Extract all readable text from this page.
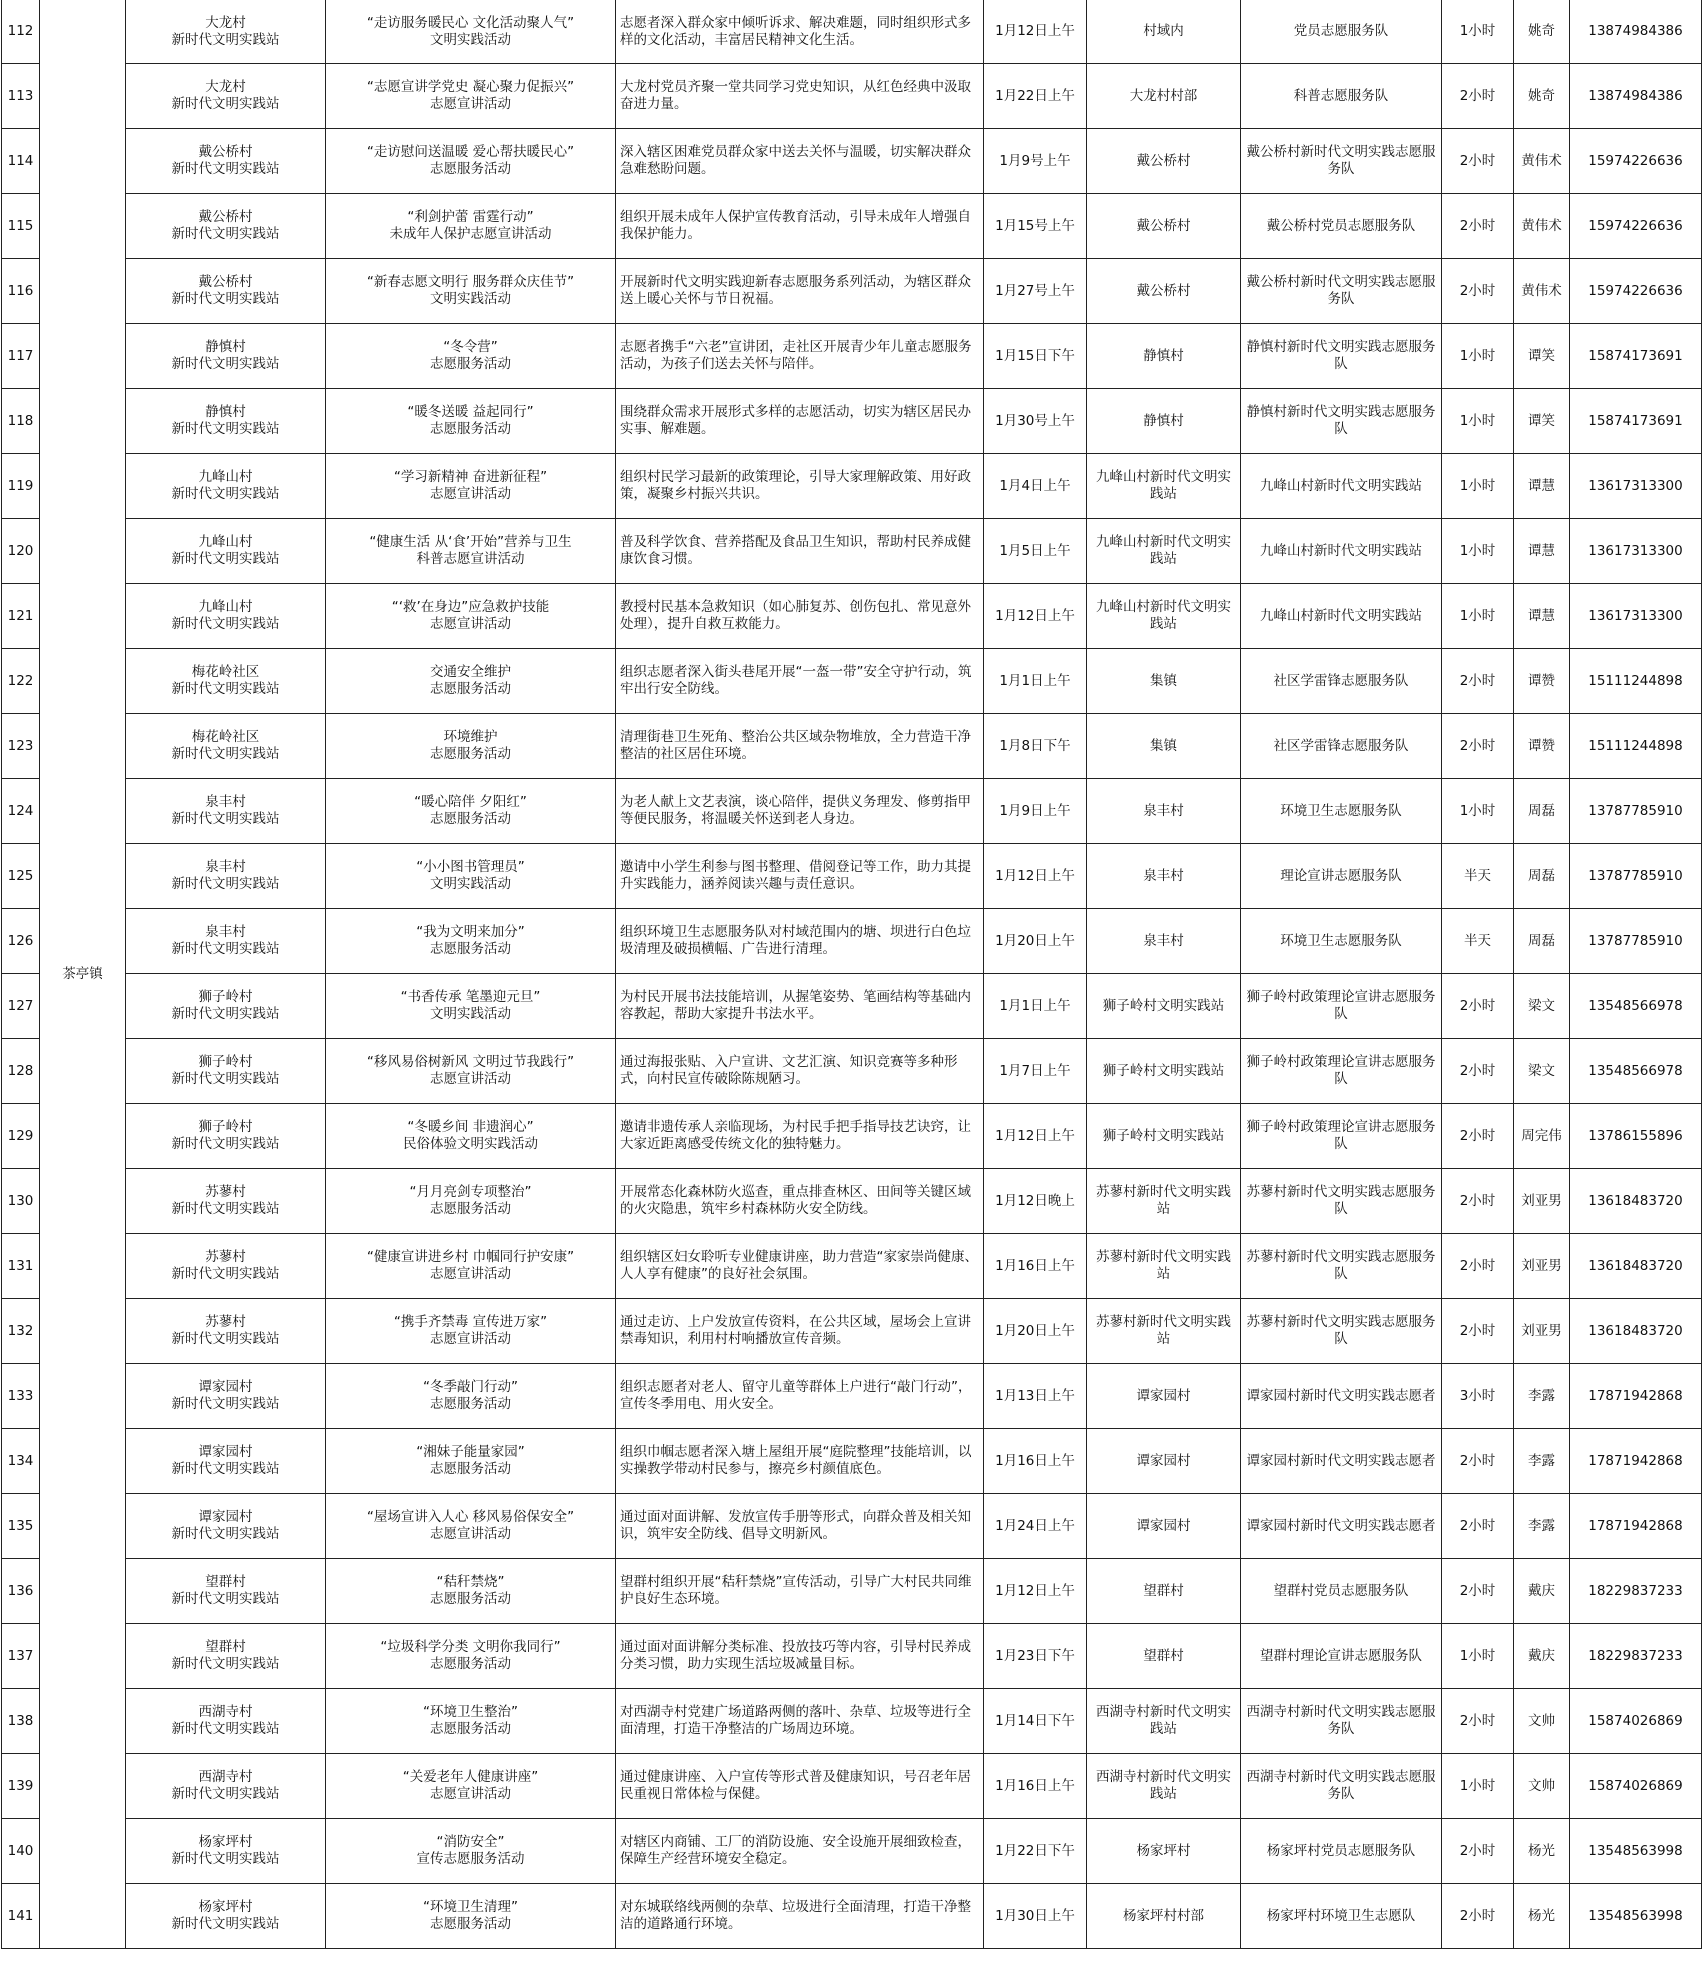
112	茶亭镇	大龙村
新时代文明实践站	“走访服务暖民心 文化活动聚人气”
文明实践活动	志愿者深入群众家中倾听诉求、解决难题，同时组织形式多样的文化活动，丰富居民精神文化生活。	1月12日上午	村域内	党员志愿服务队	1小时	姚奇	13874984386
113		大龙村
新时代文明实践站	“志愿宣讲学党史 凝心聚力促振兴”
志愿宣讲活动	大龙村党员齐聚一堂共同学习党史知识，从红色经典中汲取奋进力量。	1月22日上午	大龙村村部	科普志愿服务队	2小时	姚奇	13874984386
114		戴公桥村
新时代文明实践站	“走访慰问送温暖 爱心帮扶暖民心”
志愿服务活动	深入辖区困难党员群众家中送去关怀与温暖，切实解决群众急难愁盼问题。	1月9号上午	戴公桥村	戴公桥村新时代文明实践志愿服务队	2小时	黄伟术	15974226636
115		戴公桥村
新时代文明实践站	“利剑护蕾 雷霆行动”
未成年人保护志愿宣讲活动	组织开展未成年人保护宣传教育活动，引导未成年人增强自我保护能力。	1月15号上午	戴公桥村	戴公桥村党员志愿服务队	2小时	黄伟术	15974226636
116		戴公桥村
新时代文明实践站	“新春志愿文明行 服务群众庆佳节”
文明实践活动	开展新时代文明实践迎新春志愿服务系列活动，为辖区群众送上暖心关怀与节日祝福。	1月27号上午	戴公桥村	戴公桥村新时代文明实践志愿服务队	2小时	黄伟术	15974226636
117		静慎村
新时代文明实践站	“冬令营”
志愿服务活动	志愿者携手“六老”宣讲团，走社区开展青少年儿童志愿服务活动，为孩子们送去关怀与陪伴。	1月15日下午	静慎村	静慎村新时代文明实践志愿服务队	1小时	谭笑	15874173691
118		静慎村
新时代文明实践站	“暖冬送暖 益起同行”
志愿服务活动	围绕群众需求开展形式多样的志愿活动，切实为辖区居民办实事、解难题。	1月30号上午	静慎村	静慎村新时代文明实践志愿服务队	1小时	谭笑	15874173691
119		九峰山村
新时代文明实践站	“学习新精神 奋进新征程”
志愿宣讲活动	组织村民学习最新的政策理论，引导大家理解政策、用好政策，凝聚乡村振兴共识。	1月4日上午	九峰山村新时代文明实践站	九峰山村新时代文明实践站	1小时	谭慧	13617313300
120		九峰山村
新时代文明实践站	“健康生活 从‘食’开始”营养与卫生
科普志愿宣讲活动	普及科学饮食、营养搭配及食品卫生知识，帮助村民养成健康饮食习惯。	1月5日上午	九峰山村新时代文明实践站	九峰山村新时代文明实践站	1小时	谭慧	13617313300
121		九峰山村
新时代文明实践站	“‘救’在身边”应急救护技能
志愿宣讲活动	教授村民基本急救知识（如心肺复苏、创伤包扎、常见意外处理），提升自救互救能力。	1月12日上午	九峰山村新时代文明实践站	九峰山村新时代文明实践站	1小时	谭慧	13617313300
122		梅花岭社区
新时代文明实践站	交通安全维护
志愿服务活动	组织志愿者深入街头巷尾开展“一盔一带”安全守护行动，筑牢出行安全防线。	1月1日上午	集镇	社区学雷锋志愿服务队	2小时	谭赞	15111244898
123		梅花岭社区
新时代文明实践站	环境维护
志愿服务活动	清理街巷卫生死角、整治公共区域杂物堆放，全力营造干净整洁的社区居住环境。	1月8日下午	集镇	社区学雷锋志愿服务队	2小时	谭赞	15111244898
124		泉丰村
新时代文明实践站	“暖心陪伴 夕阳红”
志愿服务活动	为老人献上文艺表演，谈心陪伴，提供义务理发、修剪指甲等便民服务，将温暖关怀送到老人身边。	1月9日上午	泉丰村	环境卫生志愿服务队	1小时	周磊	13787785910
125		泉丰村
新时代文明实践站	“小小图书管理员”
文明实践活动	邀请中小学生利参与图书整理、借阅登记等工作，助力其提升实践能力，涵养阅读兴趣与责任意识。	1月12日上午	泉丰村	理论宣讲志愿服务队	半天	周磊	13787785910
126		泉丰村
新时代文明实践站	“我为文明来加分”
志愿服务活动	组织环境卫生志愿服务队对村域范围内的塘、坝进行白色垃圾清理及破损横幅、广告进行清理。	1月20日上午	泉丰村	环境卫生志愿服务队	半天	周磊	13787785910
127		狮子岭村
新时代文明实践站	“书香传承 笔墨迎元旦”
文明实践活动	为村民开展书法技能培训，从握笔姿势、笔画结构等基础内容教起，帮助大家提升书法水平。	1月1日上午	狮子岭村文明实践站	狮子岭村政策理论宣讲志愿服务队	2小时	梁文	13548566978
128		狮子岭村
新时代文明实践站	“移风易俗树新风 文明过节我践行”
志愿宣讲活动	通过海报张贴、入户宣讲、文艺汇演、知识竞赛等多种形式，向村民宣传破除陈规陋习。	1月7日上午	狮子岭村文明实践站	狮子岭村政策理论宣讲志愿服务队	2小时	梁文	13548566978
129		狮子岭村
新时代文明实践站	“冬暖乡间 非遗润心”
民俗体验文明实践活动	邀请非遗传承人亲临现场，为村民手把手指导技艺诀窍，让大家近距离感受传统文化的独特魅力。	1月12日上午	狮子岭村文明实践站	狮子岭村政策理论宣讲志愿服务队	2小时	周完伟	13786155896
130		苏蓼村
新时代文明实践站	“月月亮剑专项整治”
志愿服务活动	开展常态化森林防火巡查，重点排查林区、田间等关键区域的火灾隐患，筑牢乡村森林防火安全防线。	1月12日晚上	苏蓼村新时代文明实践站	苏蓼村新时代文明实践志愿服务队	2小时	刘亚男	13618483720
131		苏蓼村
新时代文明实践站	“健康宣讲进乡村 巾帼同行护安康”
志愿宣讲活动	组织辖区妇女聆听专业健康讲座，助力营造“家家崇尚健康、人人享有健康”的良好社会氛围。	1月16日上午	苏蓼村新时代文明实践站	苏蓼村新时代文明实践志愿服务队	2小时	刘亚男	13618483720
132		苏蓼村
新时代文明实践站	“携手齐禁毒 宣传进万家”
志愿宣讲活动	通过走访、上户发放宣传资料，在公共区域，屋场会上宣讲禁毒知识，利用村村响播放宣传音频。	1月20日上午	苏蓼村新时代文明实践站	苏蓼村新时代文明实践志愿服务队	2小时	刘亚男	13618483720
133		谭家园村
新时代文明实践站	“冬季敲门行动”
志愿服务活动	组织志愿者对老人、留守儿童等群体上户进行“敲门行动”，宣传冬季用电、用火安全。	1月13日上午	谭家园村	谭家园村新时代文明实践志愿者	3小时	李露	17871942868
134		谭家园村
新时代文明实践站	“湘妹子能量家园”
志愿服务活动	组织巾帼志愿者深入塘上屋组开展“庭院整理”技能培训，以实操教学带动村民参与，擦亮乡村颜值底色。	1月16日上午	谭家园村	谭家园村新时代文明实践志愿者	2小时	李露	17871942868
135		谭家园村
新时代文明实践站	“屋场宣讲入人心 移风易俗保安全”
志愿宣讲活动	通过面对面讲解、发放宣传手册等形式，向群众普及相关知识，筑牢安全防线、倡导文明新风。	1月24日上午	谭家园村	谭家园村新时代文明实践志愿者	2小时	李露	17871942868
136		望群村
新时代文明实践站	“秸秆禁烧”
志愿服务活动	望群村组织开展“秸秆禁烧”宣传活动，引导广大村民共同维护良好生态环境。	1月12日上午	望群村	望群村党员志愿服务队	2小时	戴庆	18229837233
137		望群村
新时代文明实践站	“垃圾科学分类 文明你我同行”
志愿服务活动	通过面对面讲解分类标准、投放技巧等内容，引导村民养成分类习惯，助力实现生活垃圾减量目标。	1月23日下午	望群村	望群村理论宣讲志愿服务队	1小时	戴庆	18229837233
138		西湖寺村
新时代文明实践站	“环境卫生整治”
志愿服务活动	对西湖寺村党建广场道路两侧的落叶、杂草、垃圾等进行全面清理，打造干净整洁的广场周边环境。	1月14日下午	西湖寺村新时代文明实践站	西湖寺村新时代文明实践志愿服务队	2小时	文帅	15874026869
139		西湖寺村
新时代文明实践站	“关爱老年人健康讲座”
志愿宣讲活动	通过健康讲座、入户宣传等形式普及健康知识，号召老年居民重视日常体检与保健。	1月16日上午	西湖寺村新时代文明实践站	西湖寺村新时代文明实践志愿服务队	1小时	文帅	15874026869
140		杨家坪村
新时代文明实践站	“消防安全”
宣传志愿服务活动	对辖区内商铺、工厂的消防设施、安全设施开展细致检查，保障生产经营环境安全稳定。	1月22日下午	杨家坪村	杨家坪村党员志愿服务队	2小时	杨光	13548563998
141		杨家坪村
新时代文明实践站	“环境卫生清理”
志愿服务活动	对东城联络线两侧的杂草、垃圾进行全面清理，打造干净整洁的道路通行环境。	1月30日上午	杨家坪村村部	杨家坪村环境卫生志愿队	2小时	杨光	13548563998
